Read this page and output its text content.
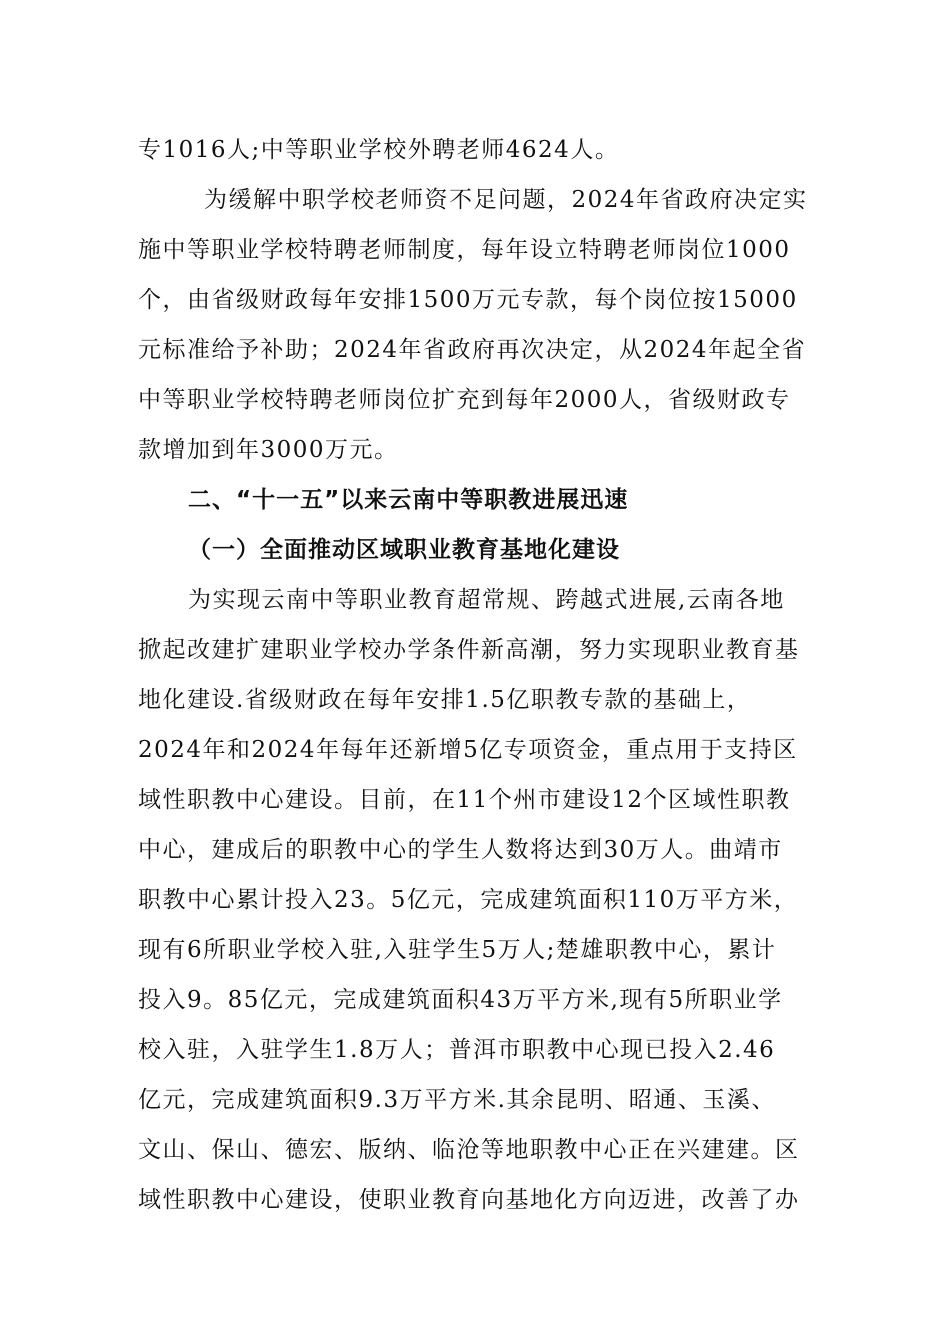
专1016人;中等职业学校外聘老师4624人。
为缓解中职学校老师资不足问题，2024年省政府决定实
施中等职业学校特聘老师制度，每年设立特聘老师岗位1000
个，由省级财政每年安排1500万元专款，每个岗位按15000
元标准给予补助；2024年省政府再次决定，从2024年起全省
中等职业学校特聘老师岗位扩充到每年2000人，省级财政专
款增加到年3000万元。
二、“十一五”以来云南中等职教进展迅速
（一）全面推动区域职业教育基地化建设
为实现云南中等职业教育超常规、跨越式进展,云南各地
掀起改建扩建职业学校办学条件新高潮，努力实现职业教育基
地化建设.省级财政在每年安排1.5亿职教专款的基础上，
2024年和2024年每年还新增5亿专项资金，重点用于支持区
域性职教中心建设。目前，在11个州市建设12个区域性职教
中心，建成后的职教中心的学生人数将达到30万人。曲靖市
职教中心累计投入23。5亿元，完成建筑面积110万平方米，
现有6所职业学校入驻,入驻学生5万人;楚雄职教中心，累计
投入9。85亿元，完成建筑面积43万平方米,现有5所职业学
校入驻，入驻学生1.8万人；普洱市职教中心现已投入2.46
亿元，完成建筑面积9.3万平方米.其余昆明、昭通、玉溪、
文山、保山、德宏、版纳、临沧等地职教中心正在兴建建。区
域性职教中心建设，使职业教育向基地化方向迈进，改善了办
